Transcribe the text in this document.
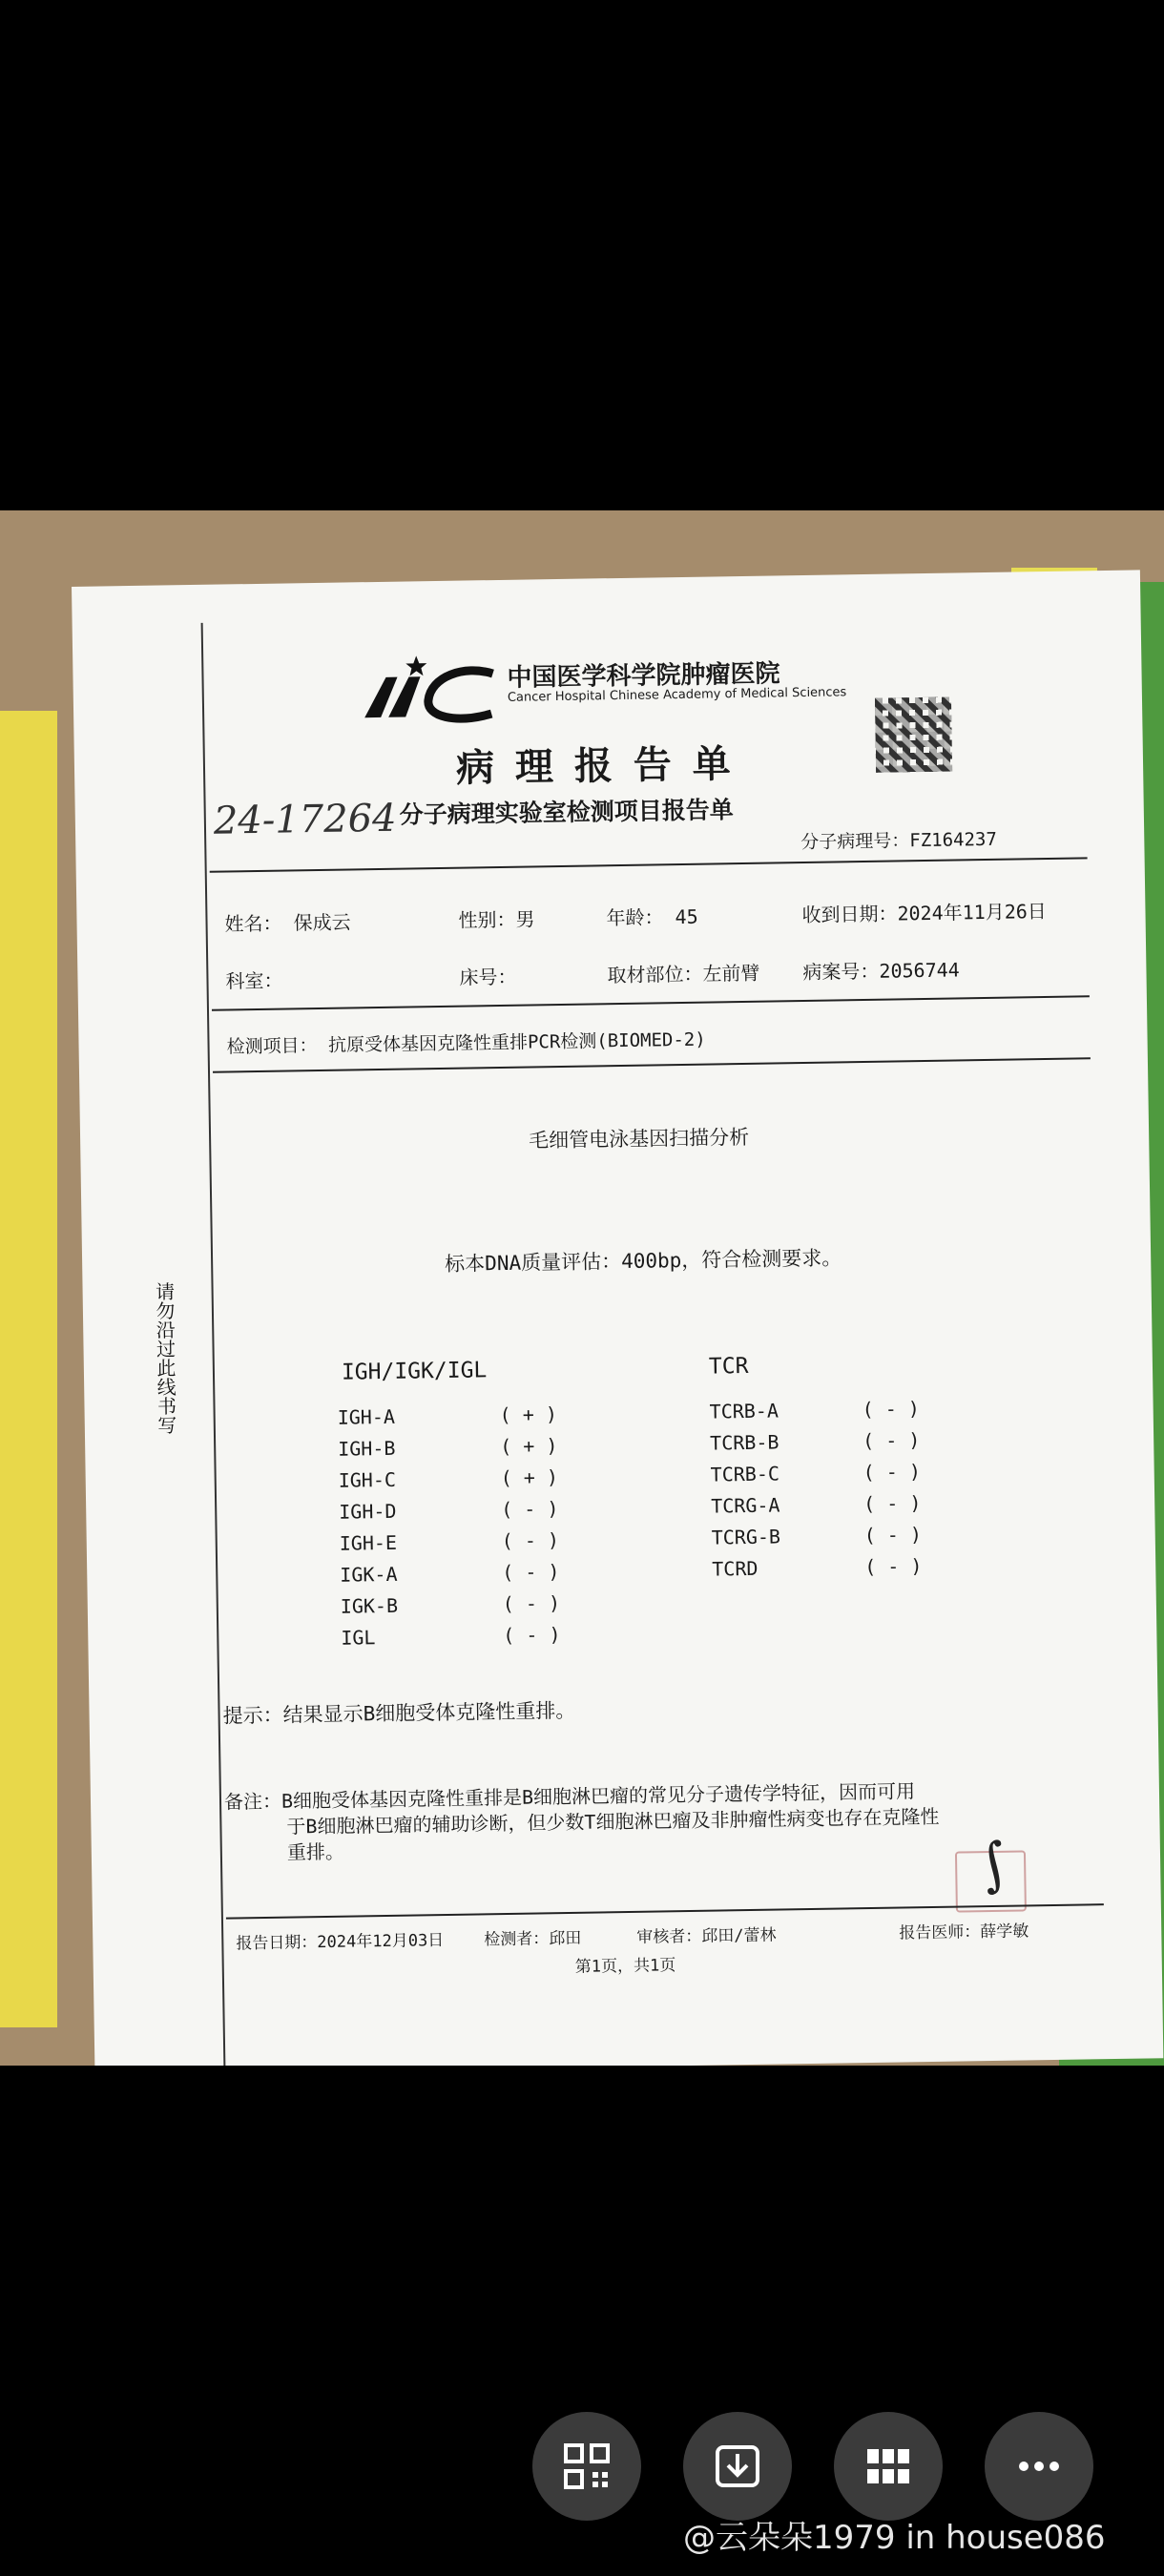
请勿沿过此线书写
中国医学科学院肿瘤医院
Cancer Hospital Chinese Academy of Medical Sciences
病 理 报 告 单
分子病理实验室检测项目报告单
24-17264	分子病理号：FZ164237
姓名： 保成云	性别：男	年龄： 45	收到日期：2024年11月26日
科室：	床号：	取材部位：左前臂 病案号：2056744
检测项目： 抗原受体基因克隆性重排PCR检测(BIOMED-2)
毛细管电泳基因扫描分析
标本DNA质量评估：400bp，符合检测要求。
IGH/IGK/IGL	TCR
IGH-A	( + )
IGH-B	( + )
IGH-C	( + )
IGH-D	( - )
IGH-E	( - )
IGK-A	( - )
IGK-B	( - )
IGL	( - )
TCRB-A	( - )
TCRB-B	( - )
TCRB-C	( - )
TCRG-A	( - )
TCRG-B	( - )
TCRD	( - )
提示：结果显示B细胞受体克隆性重排。
备注：B细胞受体基因克隆性重排是B细胞淋巴瘤的常见分子遗传学特征，因而可用
于B细胞淋巴瘤的辅助诊断，但少数T细胞淋巴瘤及非肿瘤性病变也存在克隆性
重排。	∫
报告日期：2024年12月03日 检测者：邱田	审核者：邱田/蕾林	报告医师：薛学敏
第1页，共1页
@云朵朵1979 in house086
